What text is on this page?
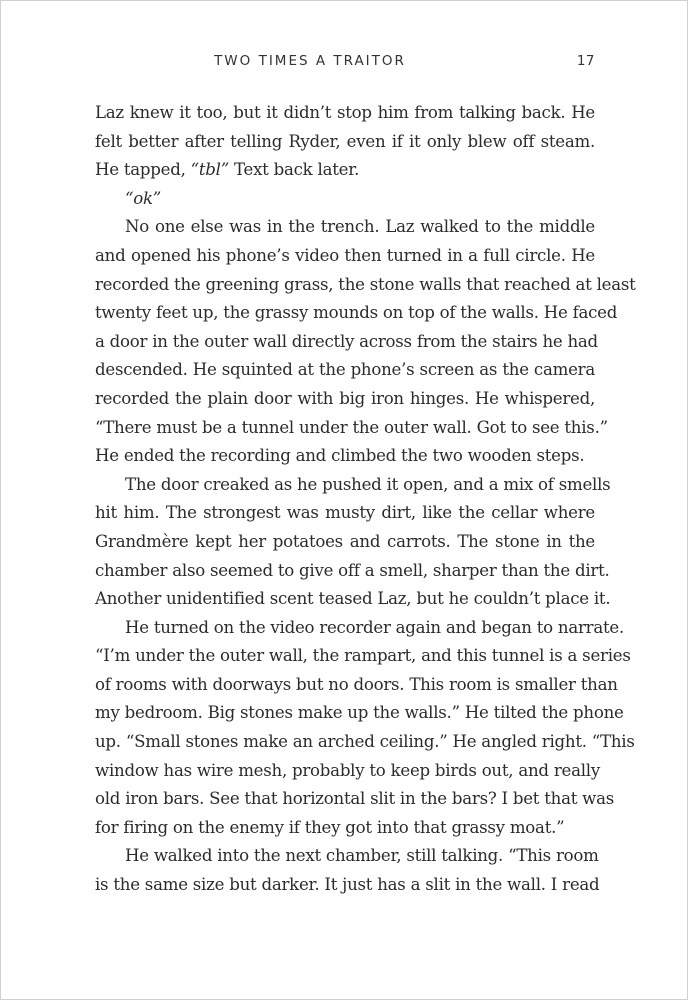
TWO TIMES A TRAITOR	17
Laz knew it too, but it didn’t stop him from talking back. He
felt better after telling Ryder, even if it only blew off steam.
He tapped, “tbl” Text back later.
“ok”
No one else was in the trench. Laz walked to the middle
and opened his phone’s video then turned in a full circle. He
recorded the greening grass, the stone walls that reached at least
twenty feet up, the grassy mounds on top of the walls. He faced
a door in the outer wall directly across from the stairs he had
descended. He squinted at the phone’s screen as the camera
recorded the plain door with big iron hinges. He whispered,
“There must be a tunnel under the outer wall. Got to see this.”
He ended the recording and climbed the two wooden steps.
The door creaked as he pushed it open, and a mix of smells
hit him. The strongest was musty dirt, like the cellar where
Grandmère kept her potatoes and carrots. The stone in the
chamber also seemed to give off a smell, sharper than the dirt.
Another unidentified scent teased Laz, but he couldn’t place it.
He turned on the video recorder again and began to narrate.
“I’m under the outer wall, the rampart, and this tunnel is a series
of rooms with doorways but no doors. This room is smaller than
my bedroom. Big stones make up the walls.” He tilted the phone
up. “Small stones make an arched ceiling.” He angled right. “This
window has wire mesh, probably to keep birds out, and really
old iron bars. See that horizontal slit in the bars? I bet that was
for firing on the enemy if they got into that grassy moat.”
He walked into the next chamber, still talking. “This room
is the same size but darker. It just has a slit in the wall. I read
